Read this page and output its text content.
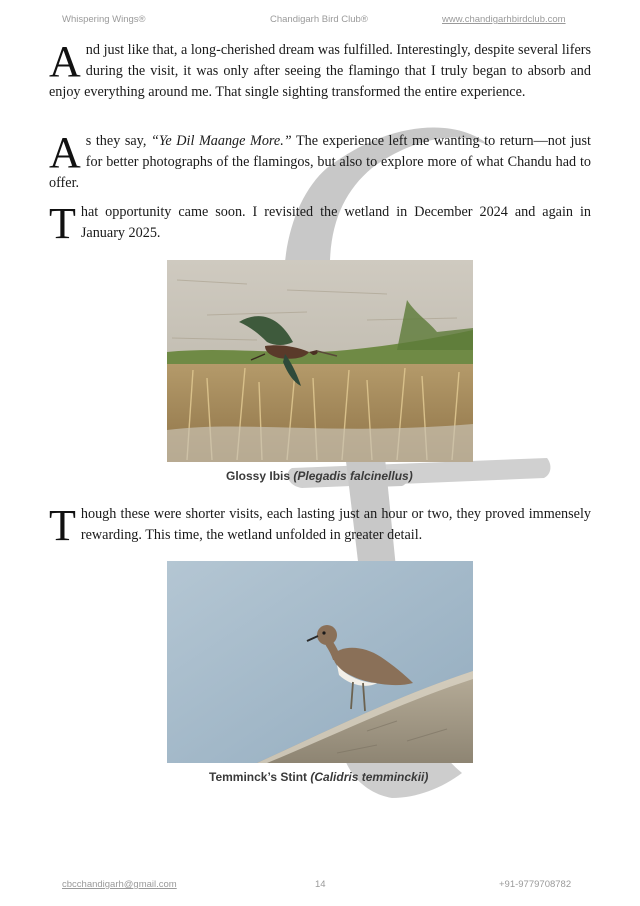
Whispering Wings®	Chandigarh Bird Club®	www.chandigarhbirdclub.com
And just like that, a long-cherished dream was fulfilled. Interestingly, despite several lifers during the visit, it was only after seeing the flamingo that I truly began to absorb and enjoy everything around me. That single sighting transformed the entire experience.
As they say, “Ye Dil Maange More.” The experience left me wanting to return—not just for better photographs of the flamingos, but also to explore more of what Chandu had to offer.
That opportunity came soon. I revisited the wetland in December 2024 and again in January 2025.
Glossy Ibis (Plegadis falcinellus)
Though these were shorter visits, each lasting just an hour or two, they proved immensely rewarding. This time, the wetland unfolded in greater detail.
Temminck’s Stint (Calidris temminckii)
cbcchandigarh@gmail.com	14	+91-9779708782
